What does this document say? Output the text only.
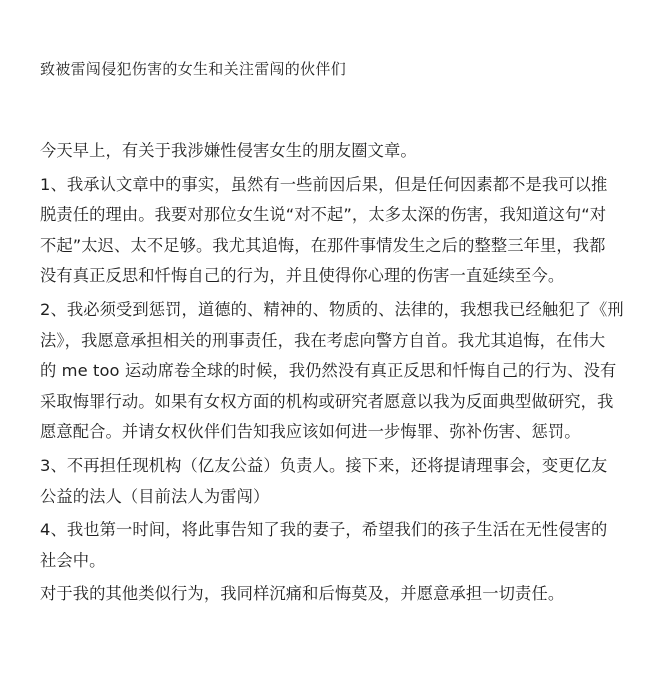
致被雷闯侵犯伤害的女生和关注雷闯的伙伴们

今天早上，有关于我涉嫌性侵害女生的朋友圈文章。

1、我承认文章中的事实，虽然有一些前因后果，但是任何因素都不是我可以推
脱责任的理由。我要对那位女生说“对不起”，太多太深的伤害，我知道这句“对
不起”太迟、太不足够。我尤其追悔，在那件事情发生之后的整整三年里，我都
没有真正反思和忏悔自己的行为，并且使得你心理的伤害一直延续至今。

2、我必须受到惩罚，道德的、精神的、物质的、法律的，我想我已经触犯了《刑
法》，我愿意承担相关的刑事责任，我在考虑向警方自首。我尤其追悔，在伟大
的 me too 运动席卷全球的时候，我仍然没有真正反思和忏悔自己的行为、没有
采取悔罪行动。如果有女权方面的机构或研究者愿意以我为反面典型做研究，我
愿意配合。并请女权伙伴们告知我应该如何进一步悔罪、弥补伤害、惩罚。

3、不再担任现机构（亿友公益）负责人。接下来，还将提请理事会，变更亿友
公益的法人（目前法人为雷闯）

4、我也第一时间，将此事告知了我的妻子，希望我们的孩子生活在无性侵害的
社会中。

对于我的其他类似行为，我同样沉痛和后悔莫及，并愿意承担一切责任。
